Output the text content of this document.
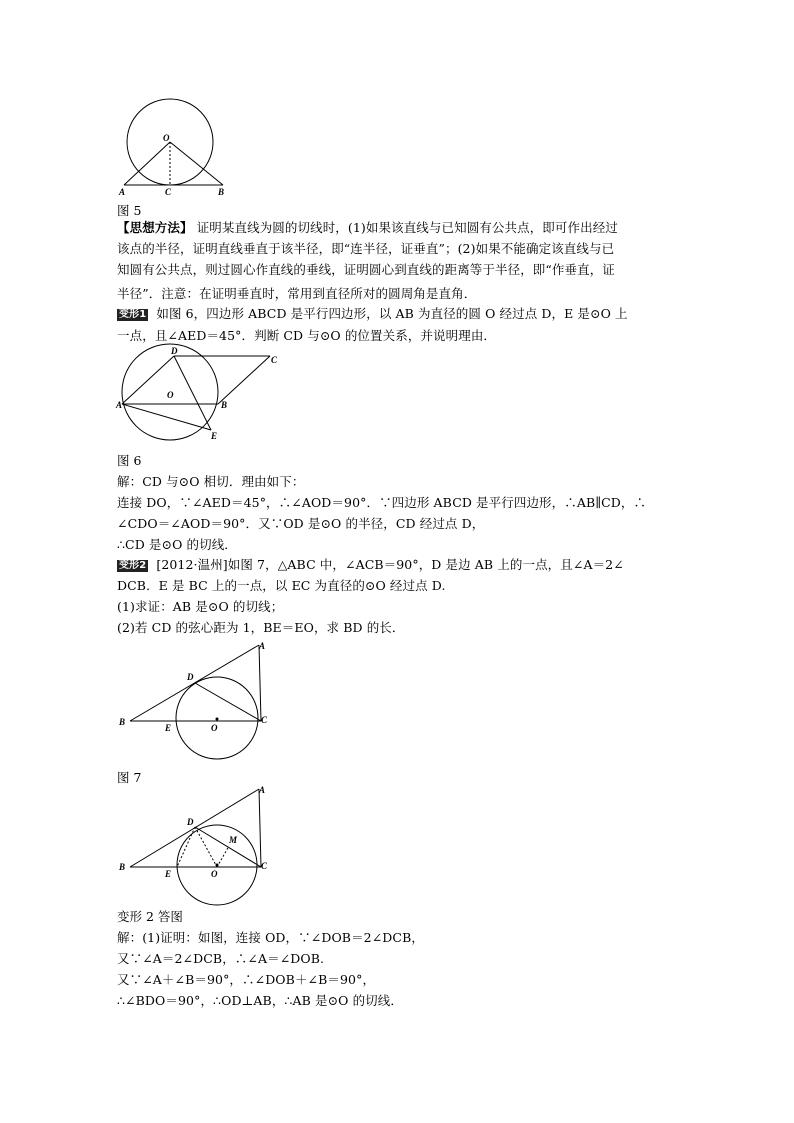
O
A	C	B
图 5
【思想方法】 证明某直线为圆的切线时，(1)如果该直线与已知圆有公共点，即可作出经过
该点的半径，证明直线垂直于该半径，即“连半径，证垂直”；(2)如果不能确定该直线与已
知圆有公共点，则过圆心作直线的垂线，证明圆心到直线的距离等于半径，即“作垂直，证
半径”．注意：在证明垂直时，常用到直径所对的圆周角是直角．
变形1 如图 6，四边形 ABCD 是平行四边形，以 AB 为直径的圆 O 经过点 D，E 是⊙O 上
一点，且∠AED＝45°．判断 CD 与⊙O 的位置关系，并说明理由．
D
C
O
A	B
E
图 6
解：CD 与⊙O 相切．理由如下：
连接 DO，∵∠AED＝45°，∴∠AOD＝90°．∵四边形 ABCD 是平行四边形，∴AB∥CD，∴
∠CDO＝∠AOD＝90°．又∵OD 是⊙O 的半径，CD 经过点 D，
∴CD 是⊙O 的切线．
变形2 [2012·温州]如图 7，△ABC 中，∠ACB＝90°，D 是边 AB 上的一点，且∠A＝2∠
DCB．E 是 BC 上的一点，以 EC 为直径的⊙O 经过点 D.
(1)求证：AB 是⊙O 的切线；
(2)若 CD 的弦心距为 1，BE＝EO，求 BD 的长．
A
D
B
E	O
C
图 7
A
D
M
B
E	O
C
变形 2 答图
解：(1)证明：如图，连接 OD，∵∠DOB＝2∠DCB，
又∵∠A＝2∠DCB，∴∠A＝∠DOB.
又∵∠A＋∠B＝90°，∴∠DOB＋∠B＝90°，
∴∠BDO＝90°，∴OD⊥AB，∴AB 是⊙O 的切线．
